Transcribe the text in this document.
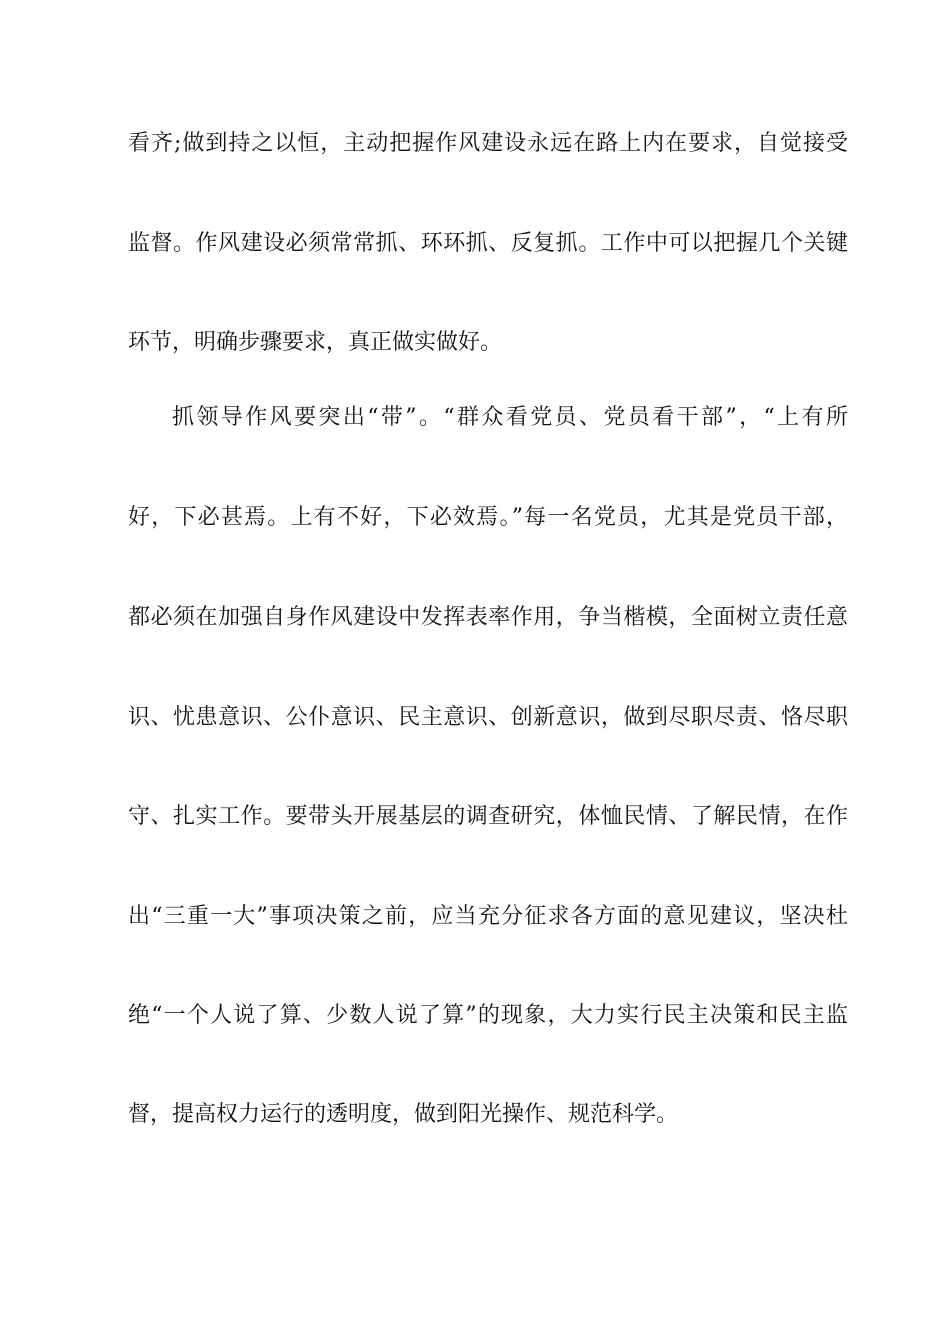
看齐;做到持之以恒，主动把握作风建设永远在路上内在要求，自觉接受
监督。作风建设必须常常抓、环环抓、反复抓。工作中可以把握几个关键
环节，明确步骤要求，真正做实做好。
抓领导作风要突出“带”。“群众看党员、党员看干部”，“上有所
好，下必甚焉。上有不好，下必效焉。”每一名党员，尤其是党员干部，
都必须在加强自身作风建设中发挥表率作用，争当楷模，全面树立责任意
识、忧患意识、公仆意识、民主意识、创新意识，做到尽职尽责、恪尽职
守、扎实工作。要带头开展基层的调查研究，体恤民情、了解民情，在作
出“三重一大”事项决策之前，应当充分征求各方面的意见建议，坚决杜
绝“一个人说了算、少数人说了算”的现象，大力实行民主决策和民主监
督，提高权力运行的透明度，做到阳光操作、规范科学。
